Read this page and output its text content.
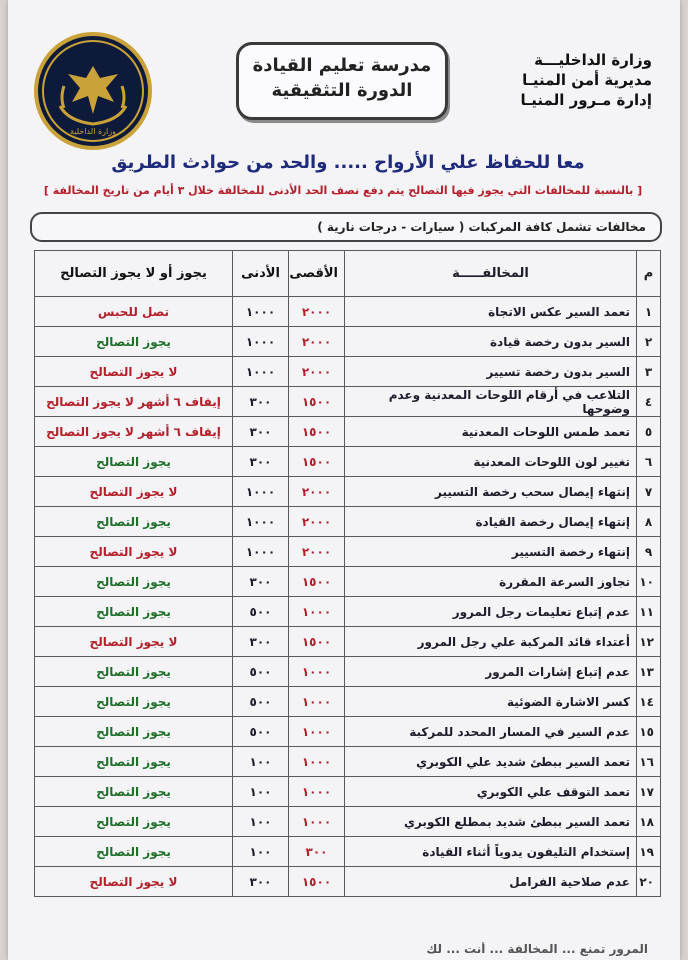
وزارة الداخليـــة
مديرية أمن المنيـا
إدارة مـرور المنيـا
مدرسة تعليم القيادة
الدورة التثقيقية
وزارة الداخلية
معا للحفاظ علي الأرواح ..... والحد من حوادث الطريق
[ بالنسبة للمخالفات التي يجوز فيها التصالح يتم دفع نصف الحد الأدنى للمخالفة خلال ٣ أيام من تاريخ المخالفة ]
مخالفات تشمل كافة المركبات ( سيارات - درجات نارية )
م	المخالفـــــة	الأقصى	الأدنى	يجوز أو لا يجوز التصالح
١	تعمد السير عكس الاتجاة	٢٠٠٠	١٠٠٠	تصل للحبس
٢	السير بدون رخصة قيادة	٢٠٠٠	١٠٠٠	يجوز التصالح
٣	السير بدون رخصة تسيير	٢٠٠٠	١٠٠٠	لا يجوز التصالح
٤	التلاعب في أرقام اللوحات المعدنية وعدم وضوحها	١٥٠٠	٣٠٠	إيقاف ٦ أشهر لا يجوز التصالح
٥	تعمد طمس اللوحات المعدنية	١٥٠٠	٣٠٠	إيقاف ٦ أشهر لا يجوز التصالح
٦	تغيير لون اللوحات المعدنية	١٥٠٠	٣٠٠	يجوز التصالح
٧	إنتهاء إيصال سحب رخصة التسيير	٢٠٠٠	١٠٠٠	لا يجوز التصالح
٨	إنتهاء إيصال رخصة القيادة	٢٠٠٠	١٠٠٠	يجوز التصالح
٩	إنتهاء رخصة التسيير	٢٠٠٠	١٠٠٠	لا يجوز التصالح
١٠	تجاوز السرعة المقررة	١٥٠٠	٣٠٠	يجوز التصالح
١١	عدم إتباع تعليمات رجل المرور	١٠٠٠	٥٠٠	يجوز التصالح
١٢	أعتداء قائد المركبة علي رجل المرور	١٥٠٠	٣٠٠	لا يجوز التصالح
١٣	عدم إتباع إشارات المرور	١٠٠٠	٥٠٠	يجوز التصالح
١٤	كسر الاشارة الضوئية	١٠٠٠	٥٠٠	يجوز التصالح
١٥	عدم السير في المسار المحدد للمركبة	١٠٠٠	٥٠٠	يجوز التصالح
١٦	تعمد السير ببطئ شديد علي الكوبري	١٠٠٠	١٠٠	يجوز التصالح
١٧	تعمد التوقف علي الكوبري	١٠٠٠	١٠٠	يجوز التصالح
١٨	تعمد السير ببطئ شديد بمطلع الكوبري	١٠٠٠	١٠٠	يجوز التصالح
١٩	إستخدام التليفون يدوياً أثناء القيادة	٣٠٠	١٠٠	يجوز التصالح
٢٠	عدم صلاحية الفرامل	١٥٠٠	٣٠٠	لا يجوز التصالح
المرور تمنع ... المخالفة ... أنت ... لك
